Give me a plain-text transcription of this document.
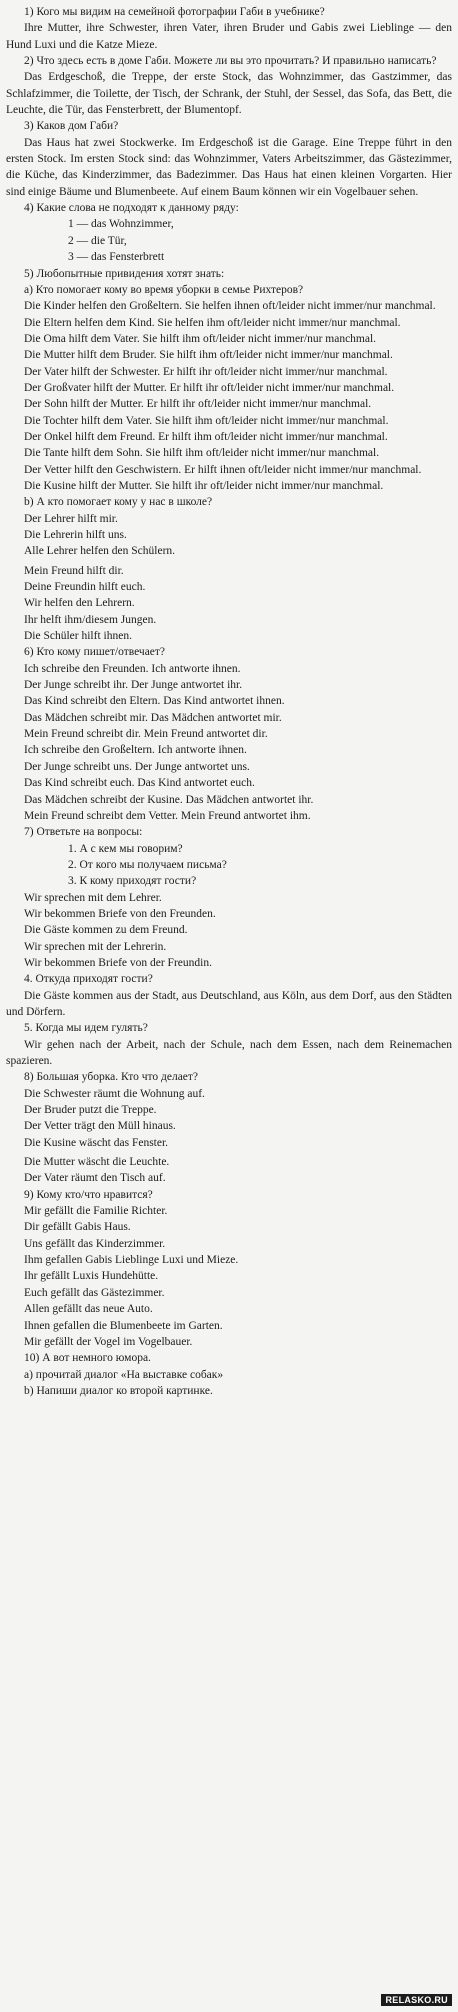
1) Кого мы видим на семейной фотографии Габи в учебнике?
Ihre Mutter, ihre Schwester, ihren Vater, ihren Bruder und Gabis zwei Lieblinge — den Hund Luxi und die Katze Mieze.
2) Что здесь есть в доме Габи. Можете ли вы это прочитать? И правильно написать?
Das Erdgeschoß, die Treppe, der erste Stock, das Wohnzimmer, das Gastzimmer, das Schlafzimmer, die Toilette, der Tisch, der Schrank, der Stuhl, der Sessel, das Sofa, das Bett, die Leuchte, die Tür, das Fensterbrett, der Blumentopf.
3) Каков дом Габи?
Das Haus hat zwei Stockwerke. Im Erdgeschoß ist die Garage. Eine Treppe führt in den ersten Stock. Im ersten Stock sind: das Wohnzimmer, Vaters Arbeitszimmer, das Gästezimmer, die Küche, das Kinderzimmer, das Badezimmer. Das Haus hat einen kleinen Vorgarten. Hier sind einige Bäume und Blumenbeete. Auf einem Baum können wir ein Vogelbauer sehen.
4) Какие слова не подходят к данному ряду:
1 — das Wohnzimmer,
2 — die Tür,
3 — das Fensterbrett
5) Любопытные привидения хотят знать:
a) Кто помогает кому во время уборки в семье Рихтеров?
Die Kinder helfen den Großeltern. Sie helfen ihnen oft/leider nicht immer/nur manchmal.
Die Eltern helfen dem Kind. Sie helfen ihm oft/leider nicht immer/nur manchmal.
Die Oma hilft dem Vater. Sie hilft ihm oft/leider nicht immer/nur manchmal.
Die Mutter hilft dem Bruder. Sie hilft ihm oft/leider nicht immer/nur manchmal.
Der Vater hilft der Schwester. Er hilft ihr oft/leider nicht immer/nur manchmal.
Der Großvater hilft der Mutter. Er hilft ihr oft/leider nicht immer/nur manchmal.
Der Sohn hilft der Mutter. Er hilft ihr oft/leider nicht immer/nur manchmal.
Die Tochter hilft dem Vater. Sie hilft ihm oft/leider nicht immer/nur manchmal.
Der Onkel hilft dem Freund. Er hilft ihm oft/leider nicht immer/nur manchmal.
Die Tante hilft dem Sohn. Sie hilft ihm oft/leider nicht immer/nur manchmal.
Der Vetter hilft den Geschwistern. Er hilft ihnen oft/leider nicht immer/nur manchmal.
Die Kusine hilft der Mutter. Sie hilft ihr oft/leider nicht immer/nur manchmal.
b) А кто помогает кому у нас в школе?
Der Lehrer hilft mir.
Die Lehrerin hilft uns.
Alle Lehrer helfen den Schülern.
Mein Freund hilft dir.
Deine Freundin hilft euch.
Wir helfen den Lehrern.
Ihr helft ihm/diesem Jungen.
Die Schüler hilft ihnen.
6) Кто кому пишет/отвечает?
Ich schreibe den Freunden. Ich antworte ihnen.
Der Junge schreibt ihr. Der Junge antwortet ihr.
Das Kind schreibt den Eltern. Das Kind antwortet ihnen.
Das Mädchen schreibt mir. Das Mädchen antwortet mir.
Mein Freund schreibt dir. Mein Freund antwortet dir.
Ich schreibe den Großeltern. Ich antworte ihnen.
Der Junge schreibt uns. Der Junge antwortet uns.
Das Kind schreibt euch. Das Kind antwortet euch.
Das Mädchen schreibt der Kusine. Das Mädchen antwortet ihr.
Mein Freund schreibt dem Vetter. Mein Freund antwortet ihm.
7) Ответьте на вопросы:
1. А с кем мы говорим?
2. От кого мы получаем письма?
3. К кому приходят гости?
Wir sprechen mit dem Lehrer.
Wir bekommen Briefe von den Freunden.
Die Gäste kommen zu dem Freund.
Wir sprechen mit der Lehrerin.
Wir bekommen Briefe von der Freundin.
4. Откуда приходят гости?
Die Gäste kommen aus der Stadt, aus Deutschland, aus Köln, aus dem Dorf, aus den Städten und Dörfern.
5. Когда мы идем гулять?
Wir gehen nach der Arbeit, nach der Schule, nach dem Essen, nach dem Reinemachen spazieren.
8) Большая уборка. Кто что делает?
Die Schwester räumt die Wohnung auf.
Der Bruder putzt die Treppe.
Der Vetter trägt den Müll hinaus.
Die Kusine wäscht das Fenster.
Die Mutter wäscht die Leuchte.
Der Vater räumt den Tisch auf.
9) Кому кто/что нравится?
Mir gefällt die Familie Richter.
Dir gefällt Gabis Haus.
Uns gefällt das Kinderzimmer.
Ihm gefallen Gabis Lieblinge Luxi und Mieze.
Ihr gefällt Luxis Hundehütte.
Euch gefällt das Gästezimmer.
Allen gefällt das neue Auto.
Ihnen gefallen die Blumenbeete im Garten.
Mir gefällt der Vogel im Vogelbauer.
10) А вот немного юмора.
а) прочитай диалог «На выставке собак»
b) Напиши диалог ко второй картинке.
RELASKO.RU
